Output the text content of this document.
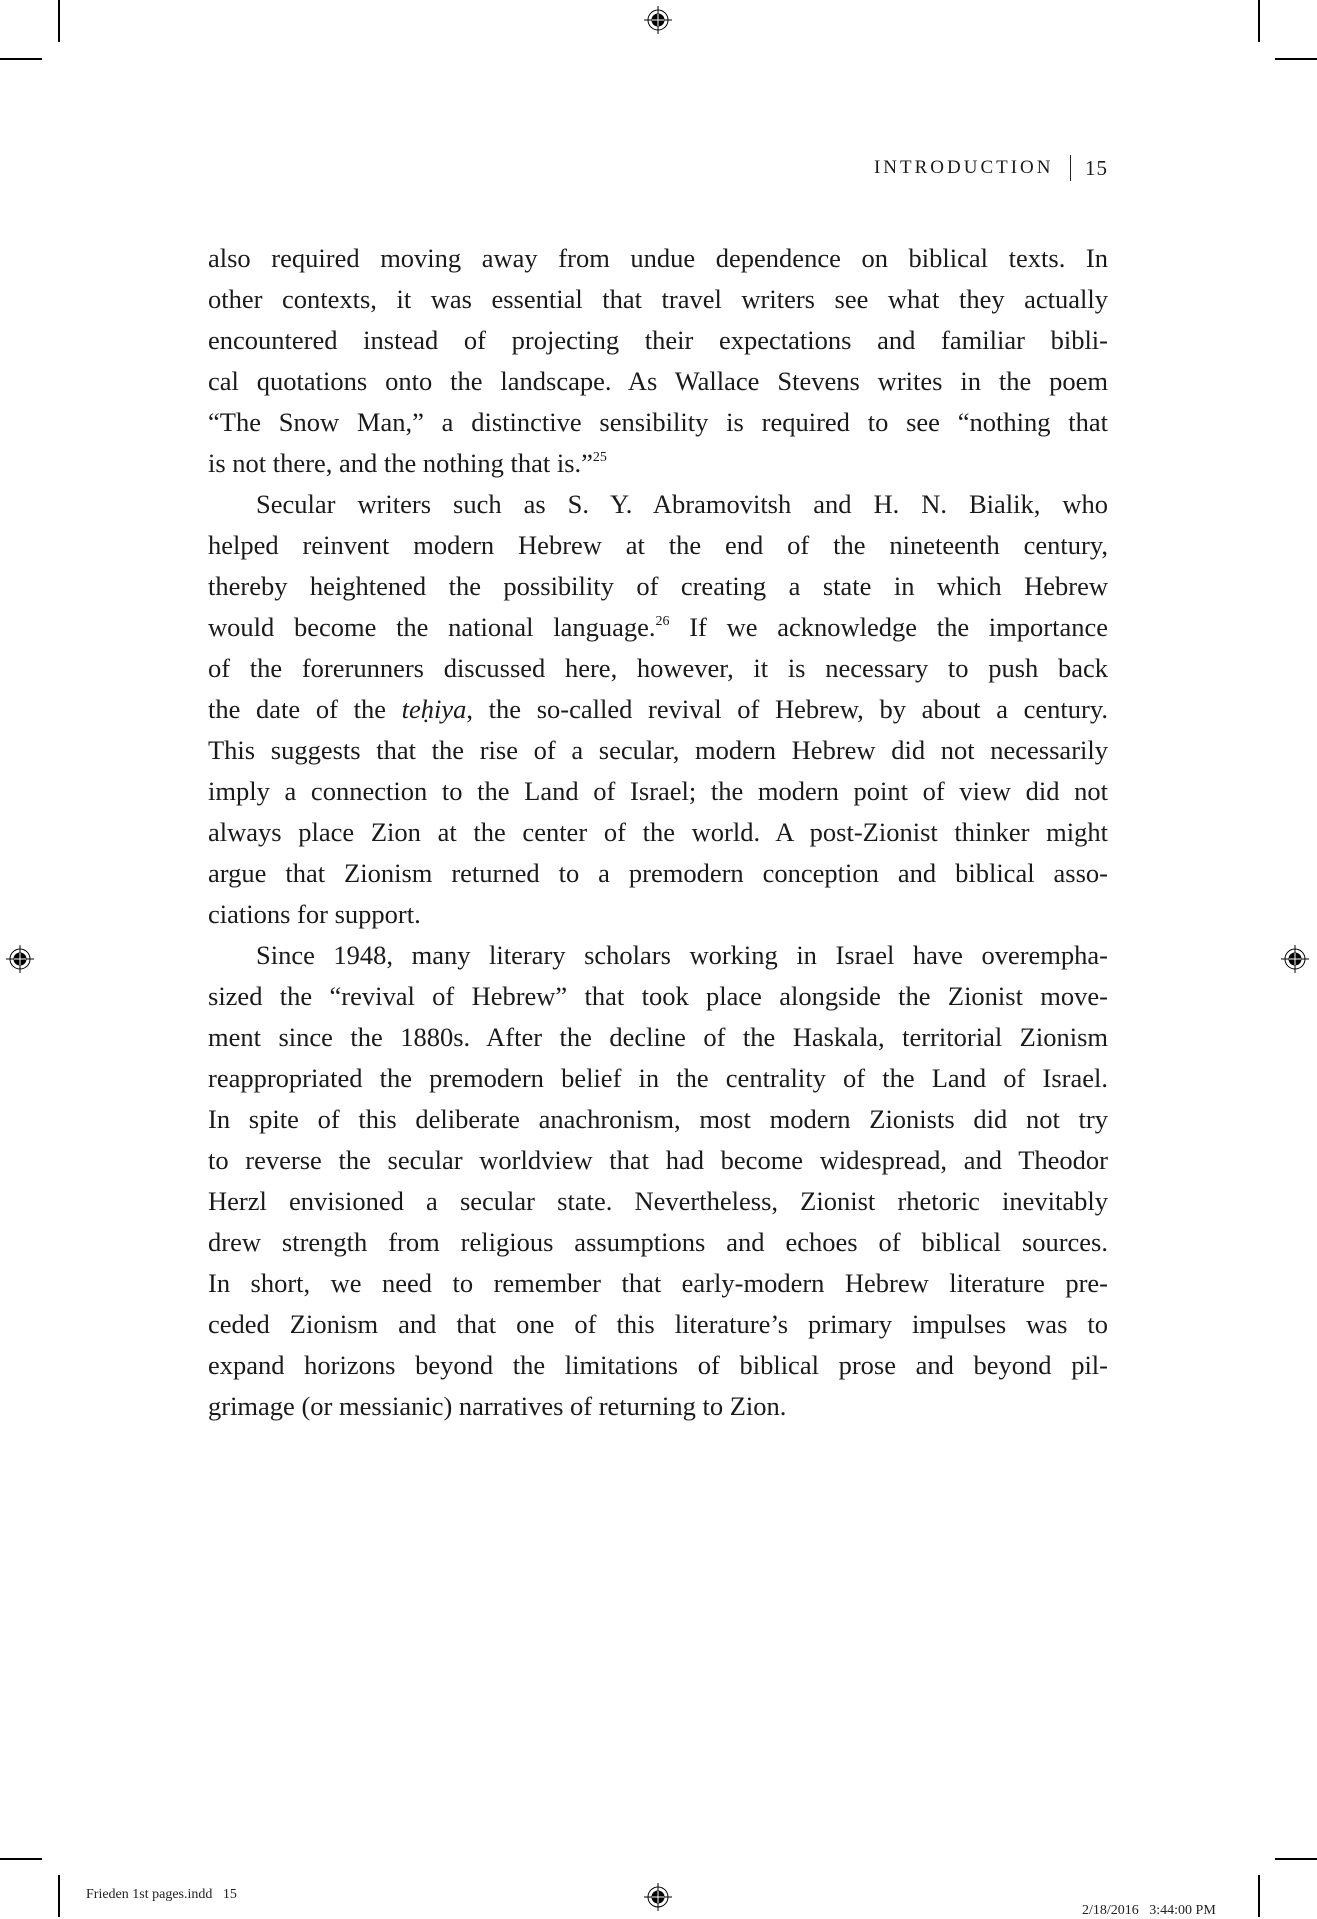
INTRODUCTION 15
also required moving away from undue dependence on biblical texts. In
other contexts, it was essential that travel writers see what they actually
encountered instead of projecting their expectations and familiar bibli-
cal quotations onto the landscape. As Wallace Stevens writes in the poem
“The Snow Man,” a distinctive sensibility is required to see “nothing that
is not there, and the nothing that is.”$^{25}$
Secular writers such as S. Y. Abramovitsh and H. N. Bialik, who
helped reinvent modern Hebrew at the end of the nineteenth century,
thereby heightened the possibility of creating a state in which Hebrew
would become the national language.$^{26}$ If we acknowledge the importance
of the forerunners discussed here, however, it is necessary to push back
the date of the teḥiya, the so-called revival of Hebrew, by about a century.
This suggests that the rise of a secular, modern Hebrew did not necessarily
imply a connection to the Land of Israel; the modern point of view did not
always place Zion at the center of the world. A post-Zionist thinker might
argue that Zionism returned to a premodern conception and biblical asso-
ciations for support.
Since 1948, many literary scholars working in Israel have overempha-
sized the “revival of Hebrew” that took place alongside the Zionist move-
ment since the 1880s. After the decline of the Haskala, territorial Zionism
reappropriated the premodern belief in the centrality of the Land of Israel.
In spite of this deliberate anachronism, most modern Zionists did not try
to reverse the secular worldview that had become widespread, and Theodor
Herzl envisioned a secular state. Nevertheless, Zionist rhetoric inevitably
drew strength from religious assumptions and echoes of biblical sources.
In short, we need to remember that early-modern Hebrew literature pre-
ceded Zionism and that one of this literature’s primary impulses was to
expand horizons beyond the limitations of biblical prose and beyond pil-
grimage (or messianic) narratives of returning to Zion.
Frieden 1st pages.indd   15

2/18/2016 3:44:00 PM
